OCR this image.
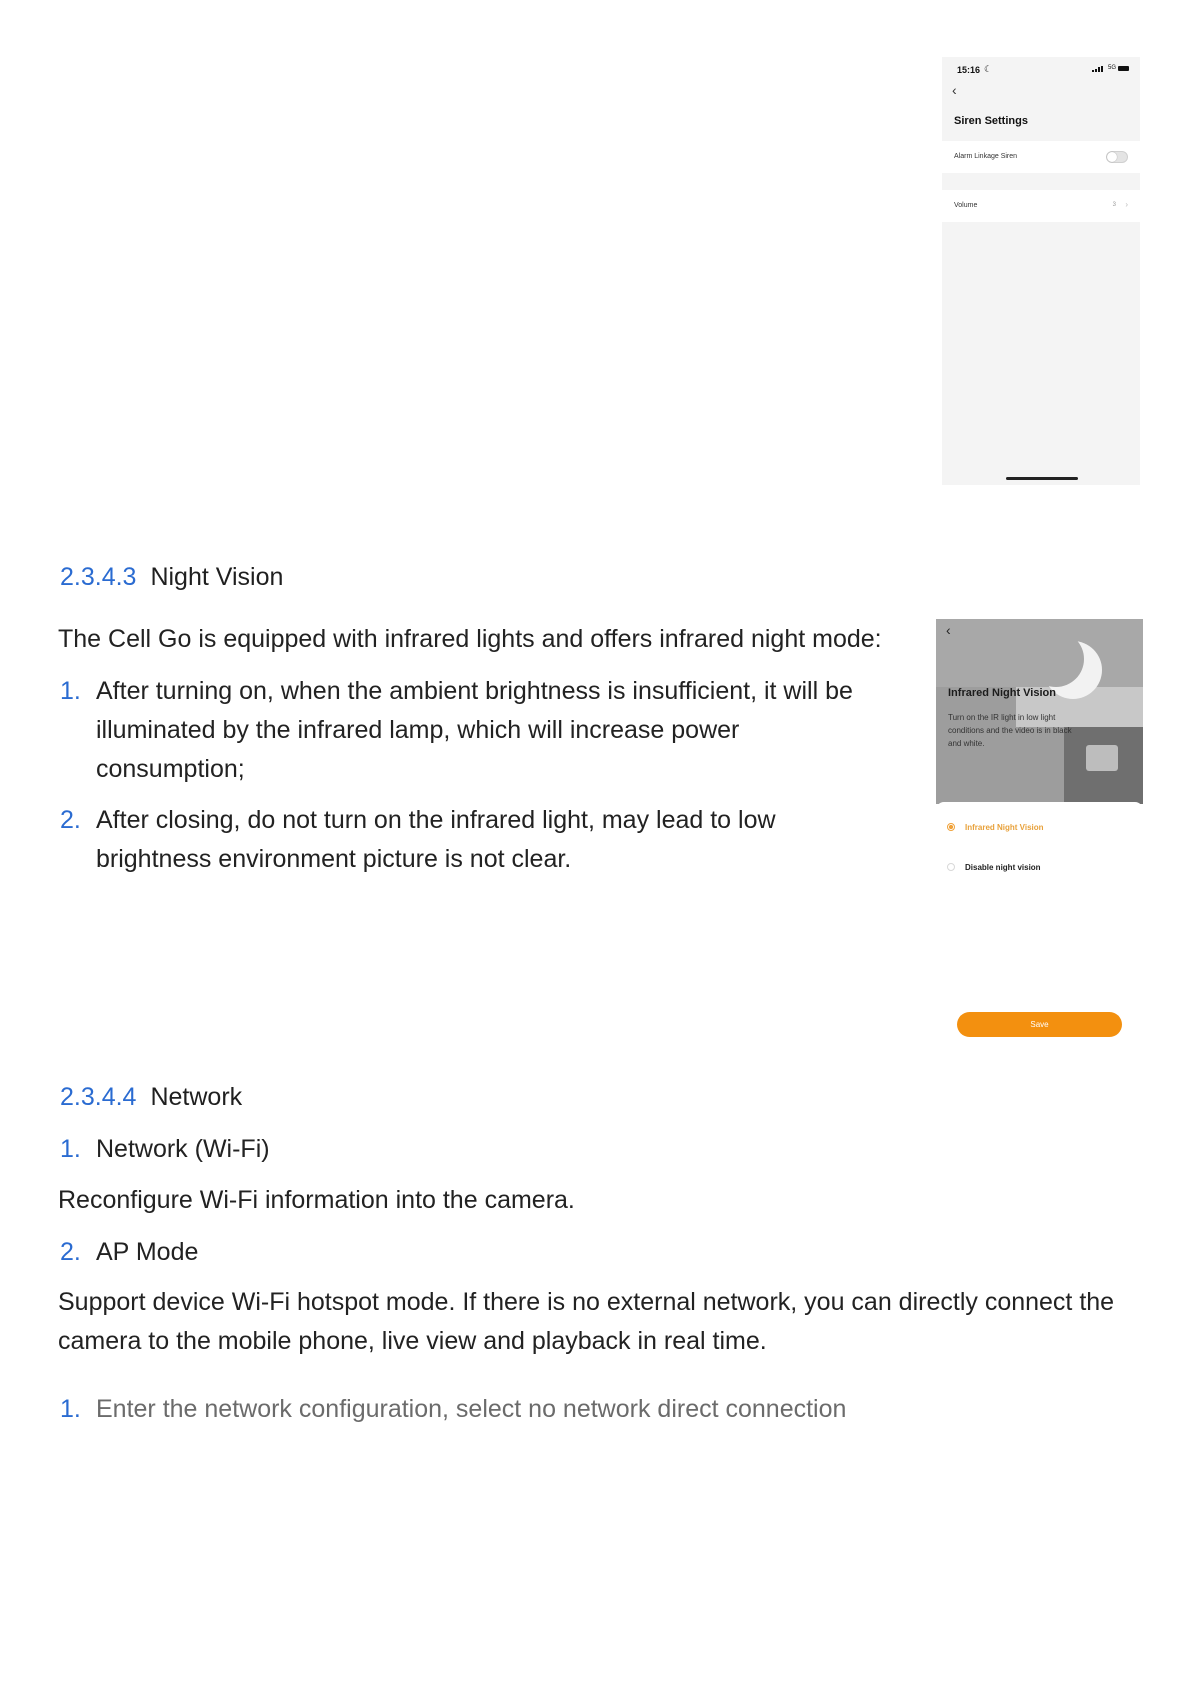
15:16 ☾	5G
‹
Siren Settings
Alarm Linkage Siren
Volume	3 ›
2.3.4.3 Night Vision
The Cell Go is equipped with infrared lights and offers infrared night mode:
1. After turning on, when the ambient brightness is insufficient, it will be
illuminated by the infrared lamp, which will increase power
consumption;
2. After closing, do not turn on the infrared light, may lead to low
brightness environment picture is not clear.
‹
Infrared Night Vision
Turn on the IR light in low light
conditions and the video is in black
and white.
Infrared Night Vision
Disable night vision
Save
2.3.4.4 Network
1. Network (Wi-Fi)
Reconfigure Wi-Fi information into the camera.
2. AP Mode
Support device Wi-Fi hotspot mode. If there is no external network, you can directly connect the
camera to the mobile phone, live view and playback in real time.
1. Enter the network configuration, select no network direct connection
